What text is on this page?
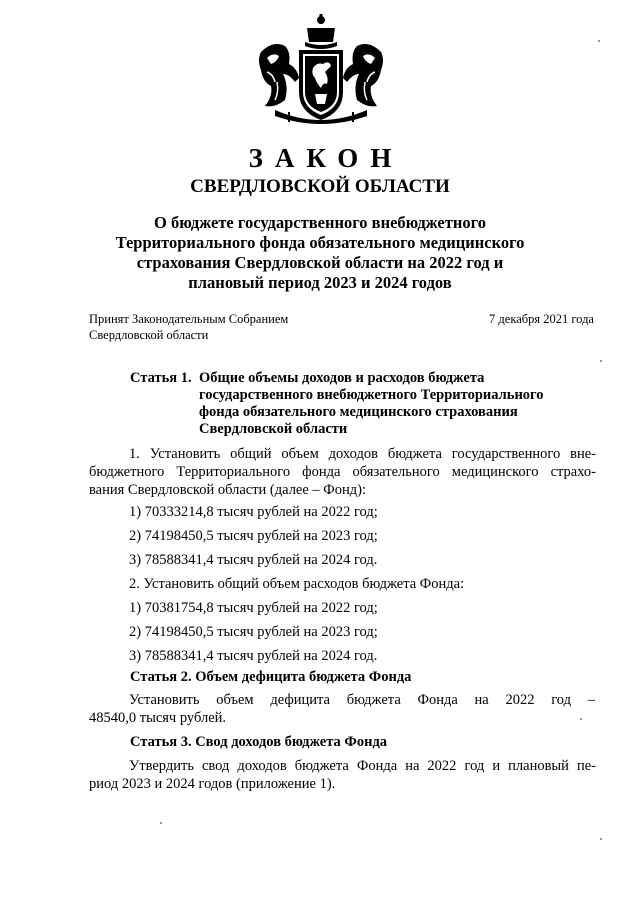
ЗАКОН
СВЕРДЛОВСКОЙ ОБЛАСТИ
О бюджете государственного внебюджетного
Территориального фонда обязательного медицинского
страхования Свердловской области на 2022 год и
плановый период 2023 и 2024 годов
Принят Законодательным Собранием
Свердловской области
7 декабря 2021 года
Статья 1. Общие объемы доходов и расходов бюджета
государственного внебюджетного Территориального
фонда обязательного медицинского страхования
Свердловской области
1. Установить общий объем доходов бюджета государственного вне-
бюджетного Территориального фонда обязательного медицинского страхо-
вания Свердловской области (далее – Фонд):
1) 70333214,8 тысяч рублей на 2022 год;
2) 74198450,5 тысяч рублей на 2023 год;
3) 78588341,4 тысяч рублей на 2024 год.
2. Установить общий объем расходов бюджета Фонда:
1) 70381754,8 тысяч рублей на 2022 год;
2) 74198450,5 тысяч рублей на 2023 год;
3) 78588341,4 тысяч рублей на 2024 год.
Статья 2. Объем дефицита бюджета Фонда
Установить объем дефицита бюджета Фонда на 2022 год –
48540,0 тысяч рублей.
Статья 3. Свод доходов бюджета Фонда
Утвердить свод доходов бюджета Фонда на 2022 год и плановый пе-
риод 2023 и 2024 годов (приложение 1).
